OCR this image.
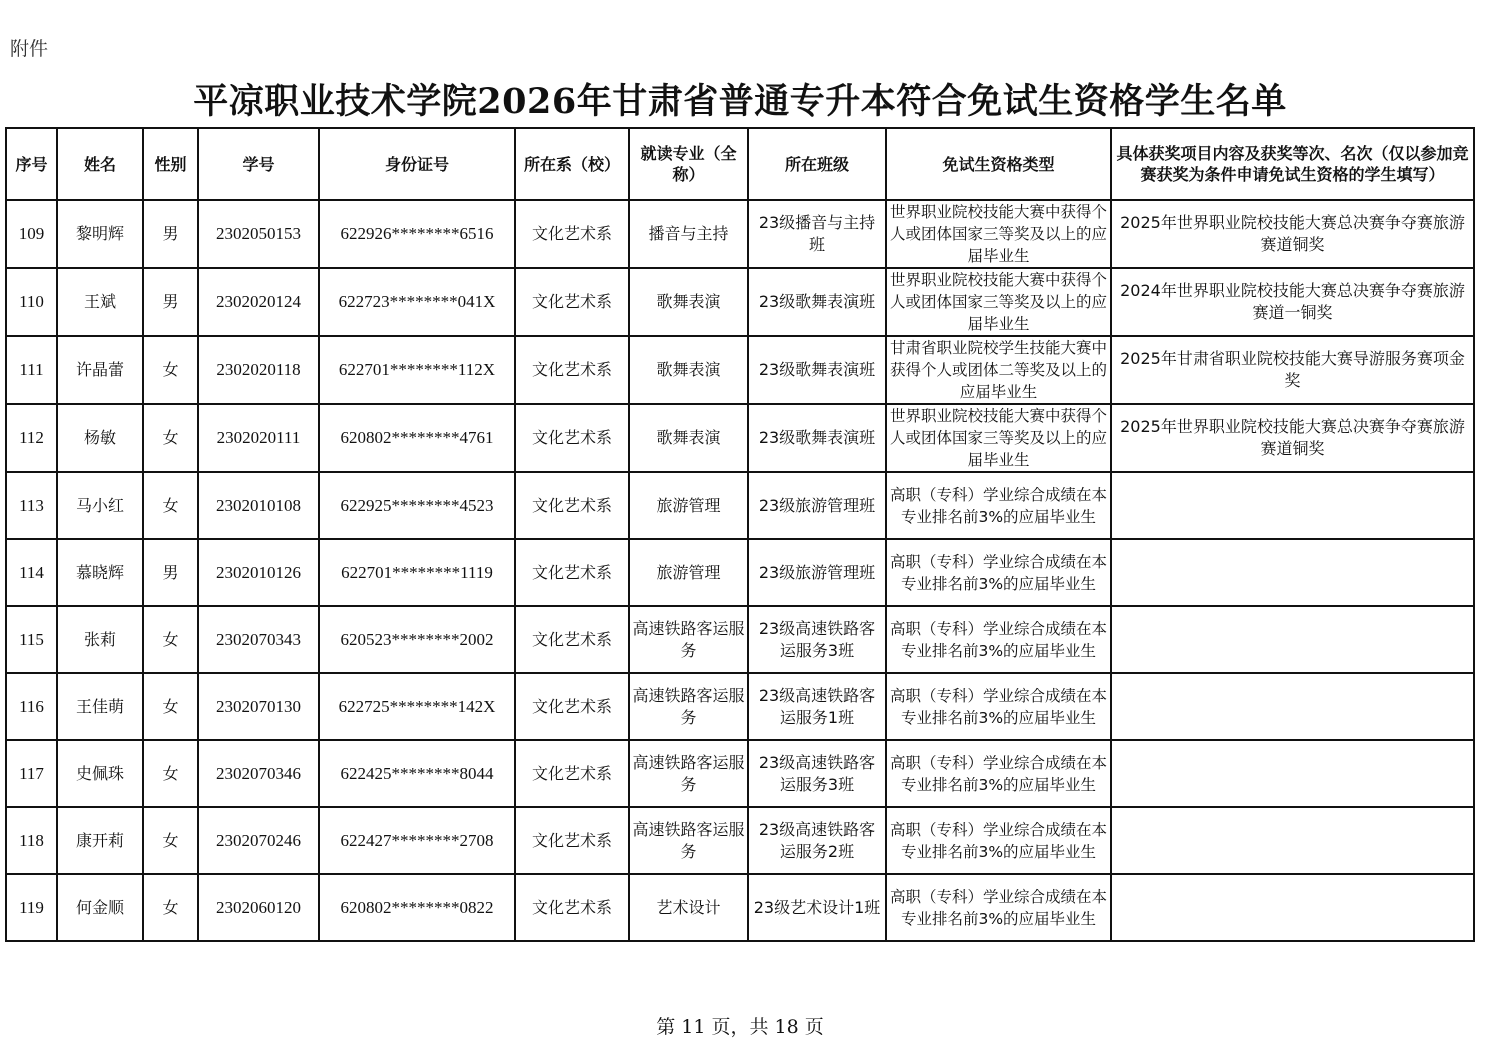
附件
平凉职业技术学院2026年甘肃省普通专升本符合免试生资格学生名单
序号	姓名	性别	学号	身份证号	所在系（校）	就读专业（全称）	所在班级	免试生资格类型	具体获奖项目内容及获奖等次、名次（仅以参加竞赛获奖为条件申请免试生资格的学生填写）
109	黎明辉	男	2302050153	622926********6516	文化艺术系	播音与主持	23级播音与主持班	世界职业院校技能大赛中获得个人或团体国家三等奖及以上的应届毕业生	2025年世界职业院校技能大赛总决赛争夺赛旅游赛道铜奖
110	王斌	男	2302020124	622723********041X	文化艺术系	歌舞表演	23级歌舞表演班	世界职业院校技能大赛中获得个人或团体国家三等奖及以上的应届毕业生	2024年世界职业院校技能大赛总决赛争夺赛旅游赛道一铜奖
111	许晶蕾	女	2302020118	622701********112X	文化艺术系	歌舞表演	23级歌舞表演班	甘肃省职业院校学生技能大赛中获得个人或团体二等奖及以上的应届毕业生	2025年甘肃省职业院校技能大赛导游服务赛项金奖
112	杨敏	女	2302020111	620802********4761	文化艺术系	歌舞表演	23级歌舞表演班	世界职业院校技能大赛中获得个人或团体国家三等奖及以上的应届毕业生	2025年世界职业院校技能大赛总决赛争夺赛旅游赛道铜奖
113	马小红	女	2302010108	622925********4523	文化艺术系	旅游管理	23级旅游管理班	高职（专科）学业综合成绩在本专业排名前3%的应届毕业生	
114	慕晓辉	男	2302010126	622701********1119	文化艺术系	旅游管理	23级旅游管理班	高职（专科）学业综合成绩在本专业排名前3%的应届毕业生	
115	张莉	女	2302070343	620523********2002	文化艺术系	高速铁路客运服务	23级高速铁路客运服务3班	高职（专科）学业综合成绩在本专业排名前3%的应届毕业生	
116	王佳萌	女	2302070130	622725********142X	文化艺术系	高速铁路客运服务	23级高速铁路客运服务1班	高职（专科）学业综合成绩在本专业排名前3%的应届毕业生	
117	史佩珠	女	2302070346	622425********8044	文化艺术系	高速铁路客运服务	23级高速铁路客运服务3班	高职（专科）学业综合成绩在本专业排名前3%的应届毕业生	
118	康开莉	女	2302070246	622427********2708	文化艺术系	高速铁路客运服务	23级高速铁路客运服务2班	高职（专科）学业综合成绩在本专业排名前3%的应届毕业生	
119	何金顺	女	2302060120	620802********0822	文化艺术系	艺术设计	23级艺术设计1班	高职（专科）学业综合成绩在本专业排名前3%的应届毕业生	
第 11 页，共 18 页
